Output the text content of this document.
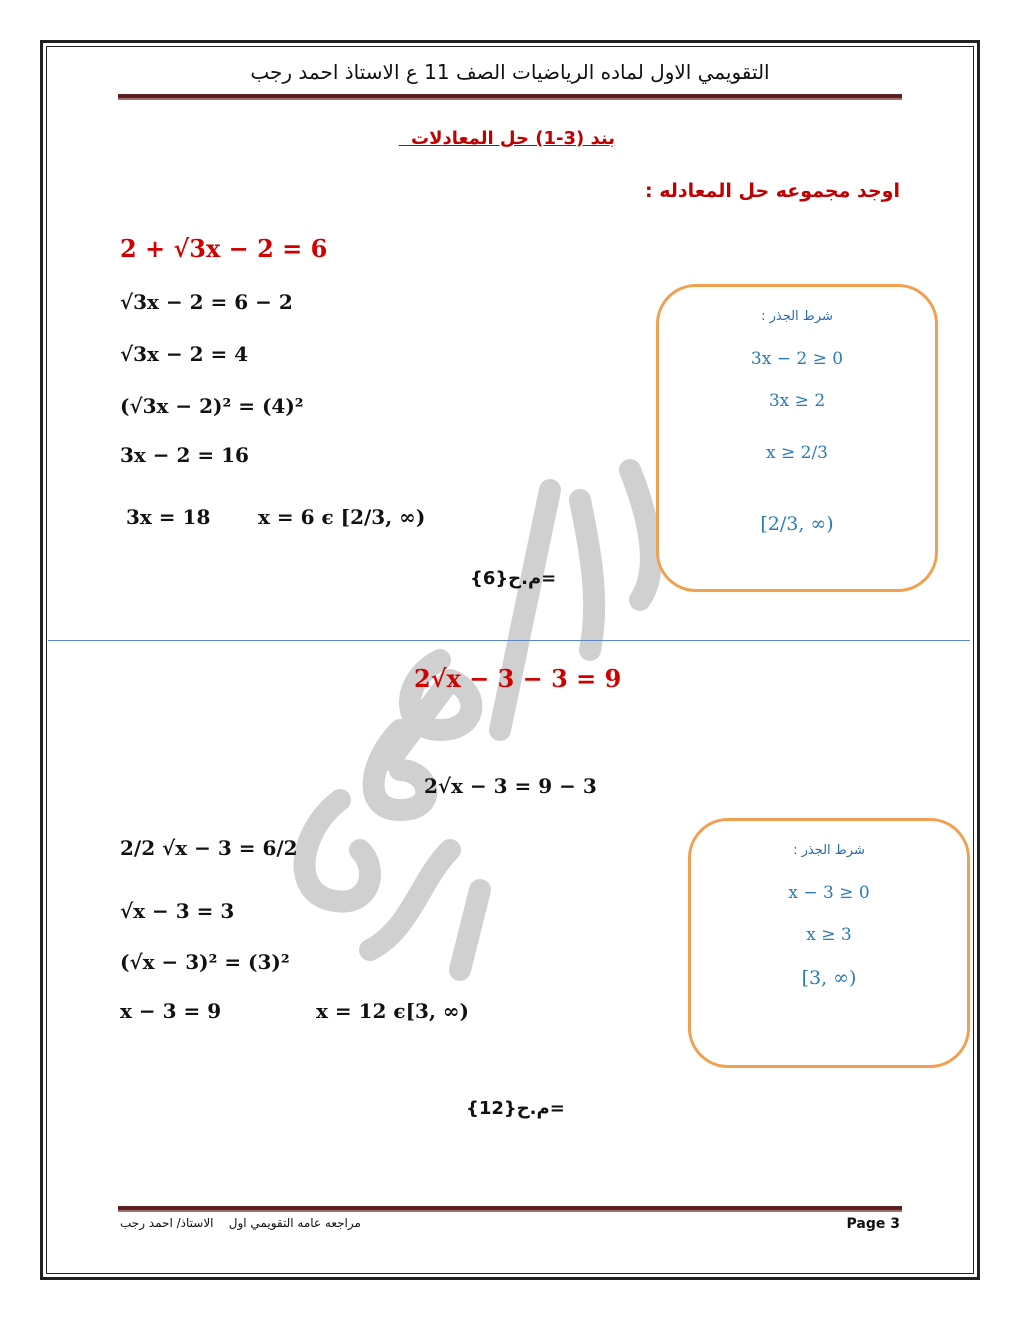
التقويمي الاول لماده الرياضيات الصف 11 ع الاستاذ احمد رجب
بند (3-1) حل المعادلات
اوجد مجموعه حل المعادله :
2 + √3x − 2 = 6
√3x − 2 = 6 − 2
√3x − 2 = 4
(√3x − 2)² = (4)²
3x − 2 = 16
3x = 18 x = 6 ϵ [2/3, ∞)
{6}م.ح=
شرط الجذر :
3x − 2 ≥ 0
3x ≥ 2
x ≥ 2/3
[2/3, ∞)
2√x − 3 − 3 = 9
2√x − 3 = 9 − 3
2/2 √x − 3 = 6/2
√x − 3 = 3
(√x − 3)² = (3)²
x − 3 = 9	x = 12 ϵ[3, ∞)
{12}م.ح=
شرط الجذر :
x − 3 ≥ 0
x ≥ 3
[3, ∞)
مراجعه عامه التقويمي اول    الاستاذ/ احمد رجب	Page 3
